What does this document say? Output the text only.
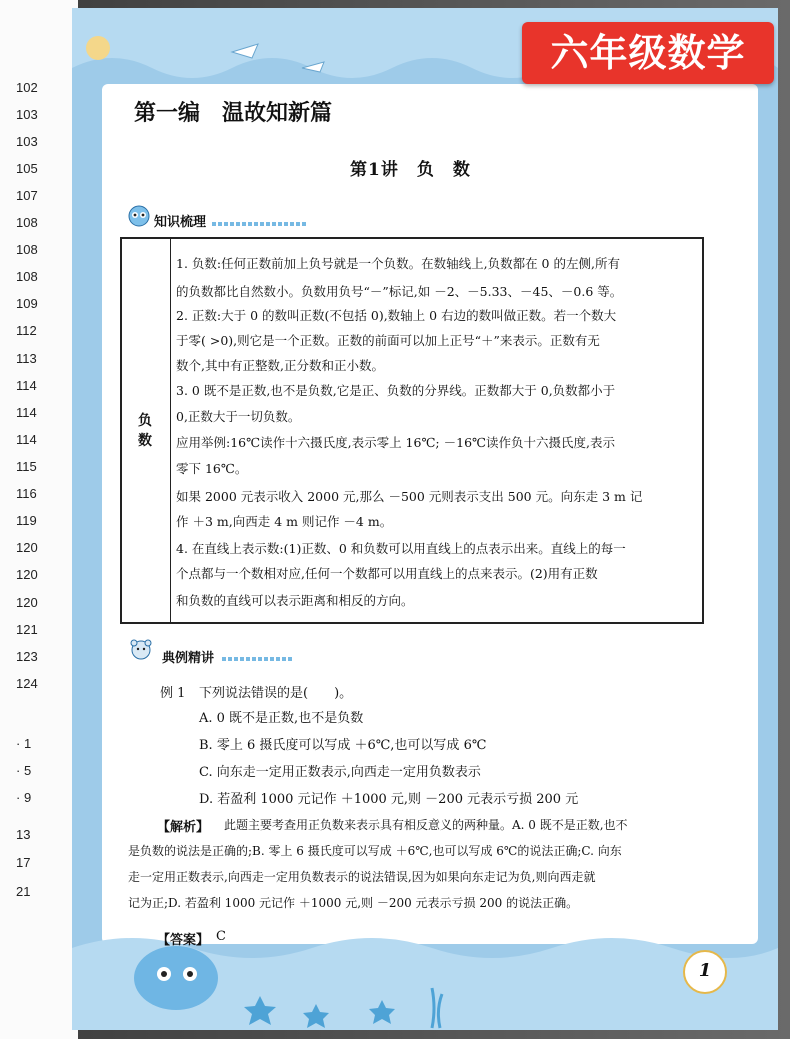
102
103
103
105
107
108
108
108
109
112
113
114
114
114
115
116
119
120
120
120
121
123
124
· 1
· 5
· 9
13
17
21
六年级数学
第一编　温故知新篇
第1讲　负　数
知识梳理
负数
1. 负数:任何正数前加上负号就是一个负数。在数轴线上,负数都在 0 的左侧,所有
的负数都比自然数小。负数用负号“－”标记,如 －2、－5.33、－45、－0.6 等。
2. 正数:大于 0 的数叫正数(不包括 0),数轴上 0 右边的数叫做正数。若一个数大
于零( >0),则它是一个正数。正数的前面可以加上正号“＋”来表示。正数有无
数个,其中有正整数,正分数和正小数。
3. 0 既不是正数,也不是负数,它是正、负数的分界线。正数都大于 0,负数都小于
0,正数大于一切负数。
应用举例:16℃读作十六摄氏度,表示零上 16℃; －16℃读作负十六摄氏度,表示
零下 16℃。
如果 2000 元表示收入 2000 元,那么 －500 元则表示支出 500 元。向东走 3 m 记
作 ＋3 m,向西走 4 m 则记作 －4 m。
4. 在直线上表示数:(1)正数、0 和负数可以用直线上的点表示出来。直线上的每一
个点都与一个数相对应,任何一个数都可以用直线上的点来表示。(2)用有正数
和负数的直线可以表示距离和相反的方向。
典例精讲
例 1 下列说法错误的是(　　)。
A. 0 既不是正数,也不是负数
B. 零上 6 摄氏度可以写成 ＋6℃,也可以写成 6℃
C. 向东走一定用正数表示,向西走一定用负数表示
D. 若盈利 1000 元记作 ＋1000 元,则 －200 元表示亏损 200 元
【解析】 此题主要考查用正负数来表示具有相反意义的两种量。A. 0 既不是正数,也不
是负数的说法是正确的;B. 零上 6 摄氏度可以写成 ＋6℃,也可以写成 6℃的说法正确;C. 向东
走一定用正数表示,向西走一定用负数表示的说法错误,因为如果向东走记为负,则向西走就
记为正;D. 若盈利 1000 元记作 ＋1000 元,则 －200 元表示亏损 200 的说法正确。
【答案】 C
1
